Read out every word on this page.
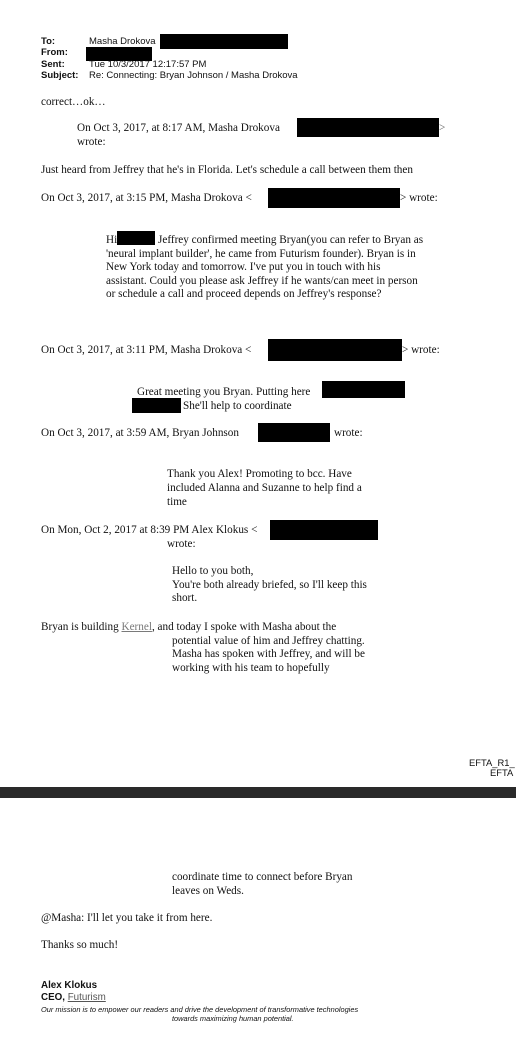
To:	Masha Drokova
From:
Sent:	Tue 10/3/2017 12:17:57 PM
Subject: Re: Connecting: Bryan Johnson / Masha Drokova
correct…ok…
On Oct 3, 2017, at 8:17 AM, Masha Drokova	>
wrote:
Just heard from Jeffrey that he's in Florida. Let's schedule a call between them then
On Oct 3, 2017, at 3:15 PM, Masha Drokova <	> wrote:
Hi	Jeffrey confirmed meeting Bryan(you can refer to Bryan as
'neural implant builder', he came from Futurism founder). Bryan is in
New York today and tomorrow. I've put you in touch with his
assistant. Could you please ask Jeffrey if he wants/can meet in person
or schedule a call and proceed depends on Jeffrey's response?
On Oct 3, 2017, at 3:11 PM, Masha Drokova <	> wrote:
Great meeting you Bryan. Putting here
She'll help to coordinate
On Oct 3, 2017, at 3:59 AM, Bryan Johnson	wrote:
Thank you Alex! Promoting to bcc. Have
included Alanna and Suzanne to help find a
time
On Mon, Oct 2, 2017 at 8:39 PM Alex Klokus <
wrote:
Hello to you both,
You're both already briefed, so I'll keep this
short.
Bryan is building Kernel, and today I spoke with Masha about the
potential value of him and Jeffrey chatting.
Masha has spoken with Jeffrey, and will be
working with his team to hopefully
EFTA_R1_
EFTA
coordinate time to connect before Bryan
leaves on Weds.
@Masha: I'll let you take it from here.
Thanks so much!
Alex Klokus
CEO, Futurism
Our mission is to empower our readers and drive the development of transformative technologies
towards maximizing human potential.
